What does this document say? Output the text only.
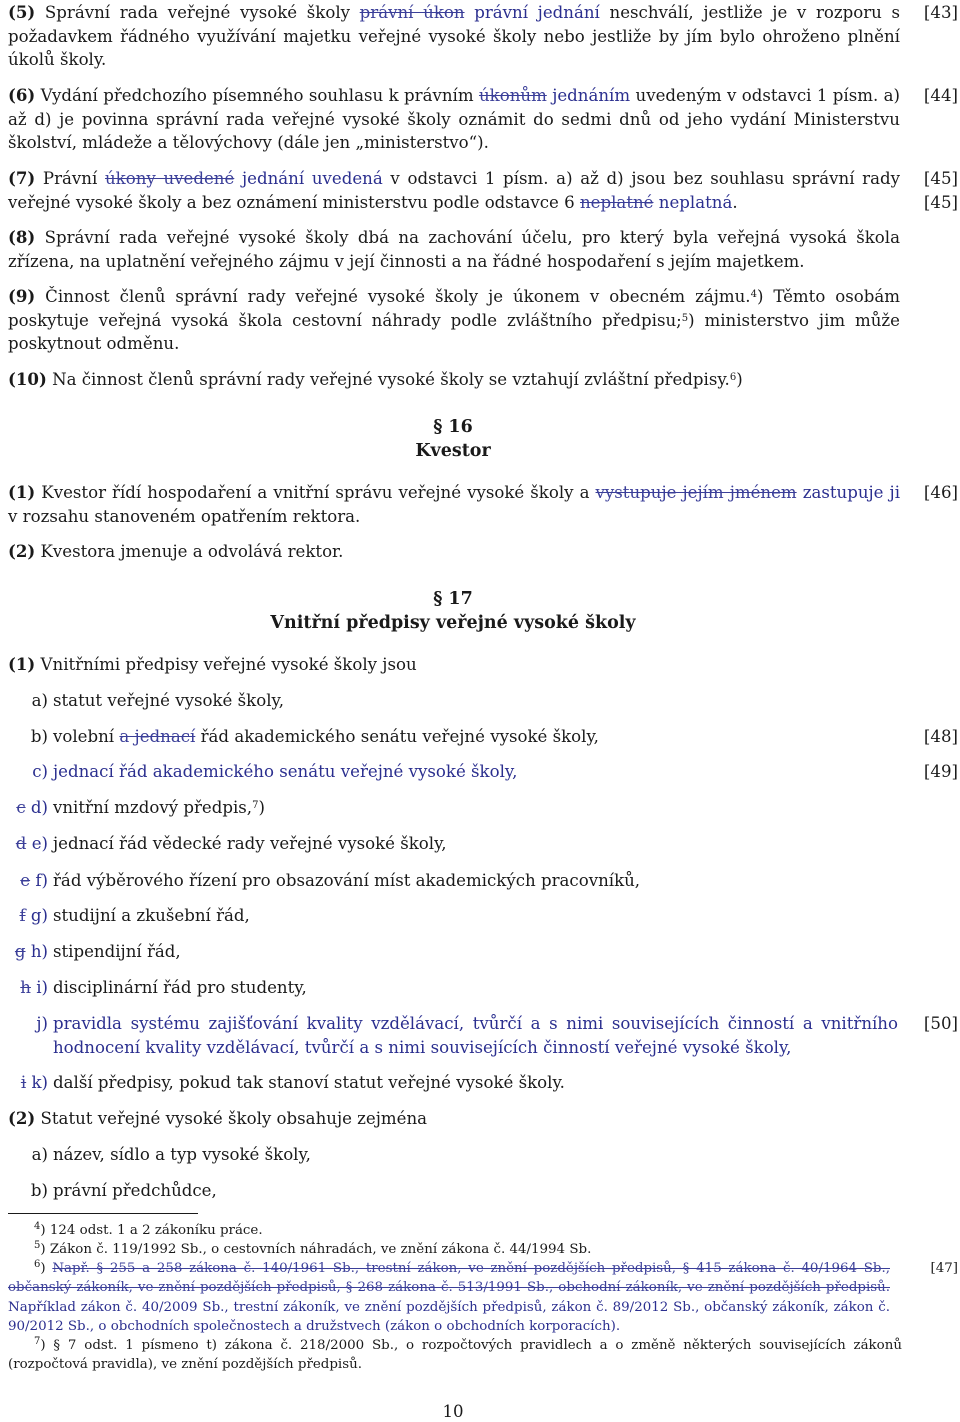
(5) Správní rada veřejné vysoké školy právní úkon právní jednání neschválí, jestliže je v rozporu s požadavkem řádného využívání majetku veřejné vysoké školy nebo jestliže by jím bylo ohroženo plnění úkolů školy.
[43]
(6) Vydání předchozího písemného souhlasu k právním úkonům jednáním uvedeným v odstavci 1 písm. a) až d) je povinna správní rada veřejné vysoké školy oznámit do sedmi dnů od jeho vydání Ministerstvu školství, mládeže a tělovýchovy (dále jen „ministerstvo“).
[44]
(7) Právní úkony uvedené jednání uvedená v odstavci 1 písm. a) až d) jsou bez souhlasu správní rady veřejné vysoké školy a bez oznámení ministerstvu podle odstavce 6 neplatné neplatná.
[45]
[45]
(8) Správní rada veřejné vysoké školy dbá na zachování účelu, pro který byla veřejná vysoká škola zřízena, na uplatnění veřejného zájmu v její činnosti a na řádné hospodaření s jejím majetkem.
(9) Činnost členů správní rady veřejné vysoké školy je úkonem v obecném zájmu.$^4$) Těmto osobám poskytuje veřejná vysoká škola cestovní náhrady podle zvláštního předpisu;$^5$) ministerstvo jim může poskytnout odměnu.
(10) Na činnost členů správní rady veřejné vysoké školy se vztahují zvláštní předpisy.$^6$)
§ 16
Kvestor
(1) Kvestor řídí hospodaření a vnitřní správu veřejné vysoké školy a vystupuje jejím jménem zastupuje ji v rozsahu stanoveném opatřením rektora.
[46]
(2) Kvestora jmenuje a odvolává rektor.
§ 17
Vnitřní předpisy veřejné vysoké školy
(1) Vnitřními předpisy veřejné vysoké školy jsou
a) statut veřejné vysoké školy,
b) volební a jednací řád akademického senátu veřejné vysoké školy,	[48]
c) jednací řád akademického senátu veřejné vysoké školy,	[49]
c d) vnitřní mzdový předpis,$^7$)
d e) jednací řád vědecké rady veřejné vysoké školy,
e f) řád výběrového řízení pro obsazování míst akademických pracovníků,
f g) studijní a zkušební řád,
g h) stipendijní řád,
h i) disciplinární řád pro studenty,
j) pravidla systému zajišťování kvality vzdělávací, tvůrčí a s nimi souvisejících činností a vnitřního hodnocení kvality vzdělávací, tvůrčí a s nimi souvisejících činností veřejné vysoké školy,
[50]
i k) další předpisy, pokud tak stanoví statut veřejné vysoké školy.
(2) Statut veřejné vysoké školy obsahuje zejména
a) název, sídlo a typ vysoké školy,
b) právní předchůdce,
$^4$) 124 odst. 1 a 2 zákoníku práce.
$^5$) Zákon č. 119/1992 Sb., o cestovních náhradách, ve znění zákona č. 44/1994 Sb.
$^6$) Např. § 255 a 258 zákona č. 140/1961 Sb., trestní zákon, ve znění pozdějších předpisů, § 415 zákona č. 40/1964 Sb., občanský zákoník, ve znění pozdějších předpisů, § 268 zákona č. 513/1991 Sb., obchodní zákoník, ve znění pozdějších předpisů. Například zákon č. 40/2009 Sb., trestní zákoník, ve znění pozdějších předpisů, zákon č. 89/2012 Sb., občanský zákoník, zákon č. 90/2012 Sb., o obchodních společnostech a družstvech (zákon o obchodních korporacích).
[47]
$^7$) § 7 odst. 1 písmeno t) zákona č. 218/2000 Sb., o rozpočtových pravidlech a o změně některých souvisejících zákonů (rozpočtová pravidla), ve znění pozdějších předpisů.
10
